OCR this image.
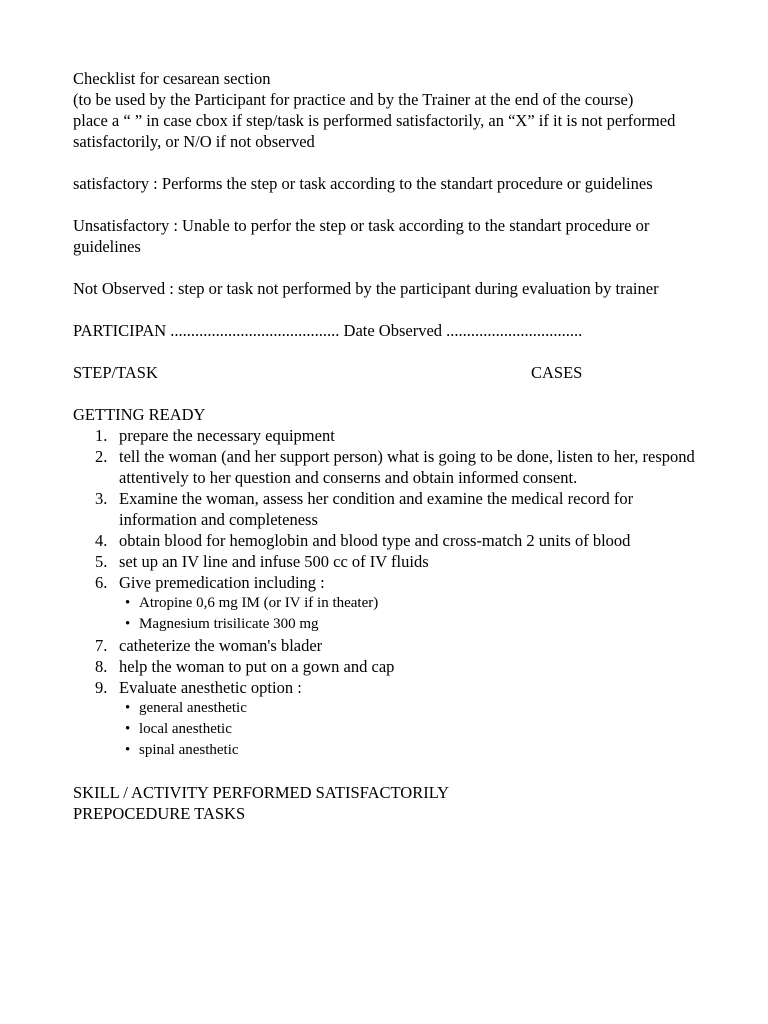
Checklist for cesarean section
(to be used by the Participant for practice and by the Trainer at the end of the course)
place a “ ” in case cbox if step/task is performed satisfactorily, an “X” if it is not performed satisfactorily, or N/O if not observed
satisfactory : Performs the step or task according to the standart procedure or guidelines
Unsatisfactory : Unable to perfor the step or task according to the standart procedure or guidelines
Not Observed : step or task not performed by the participant during evaluation by trainer
PARTICIPAN ......................................... Date Observed .................................
STEP/TASK	CASES
GETTING READY
1. prepare the necessary equipment
2. tell the woman (and her support person) what is going to be done, listen to her, respond attentively to her question and conserns and obtain informed consent.
3. Examine the woman, assess her condition and examine the medical record for information and completeness
4. obtain blood for hemoglobin and blood type and cross-match 2 units of blood
5. set up an IV line and infuse 500 cc of IV fluids
6. Give premedication including :
• Atropine 0,6 mg IM (or IV if in theater)
• Magnesium trisilicate 300 mg
7. catheterize the woman's blader
8. help the woman to put on a gown and cap
9. Evaluate anesthetic option :
• general anesthetic
• local anesthetic
• spinal anesthetic
SKILL / ACTIVITY PERFORMED SATISFACTORILY
PREPOCEDURE TASKS
